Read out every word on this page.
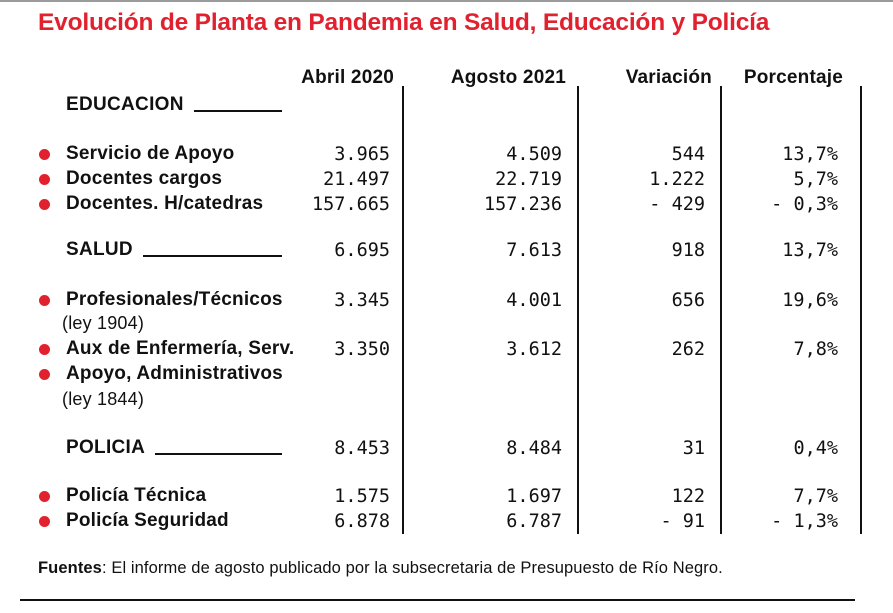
Evolución de Planta en Pandemia en Salud, Educación y Policía
Abril 2020	Agosto 2021	Variación	Porcentaje
EDUCACION
Servicio de Apoyo	3.965	4.509	544	13,7%
Docentes cargos	21.497	22.719	1.222	5,7%
Docentes. H/catedras	157.665	157.236	- 429	- 0,3%
SALUD	6.695	7.613	918	13,7%
Profesionales/Técnicos	3.345	4.001	656	19,6%
(ley 1904)
Aux de Enfermería, Serv.	3.350	3.612	262	7,8%
Apoyo, Administrativos
(ley 1844)
POLICIA	8.453	8.484	31	0,4%
Policía Técnica	1.575	1.697	122	7,7%
Policía Seguridad	6.878	6.787	- 91	- 1,3%
Fuentes: El informe de agosto publicado por la subsecretaria de Presupuesto de Río Negro.
